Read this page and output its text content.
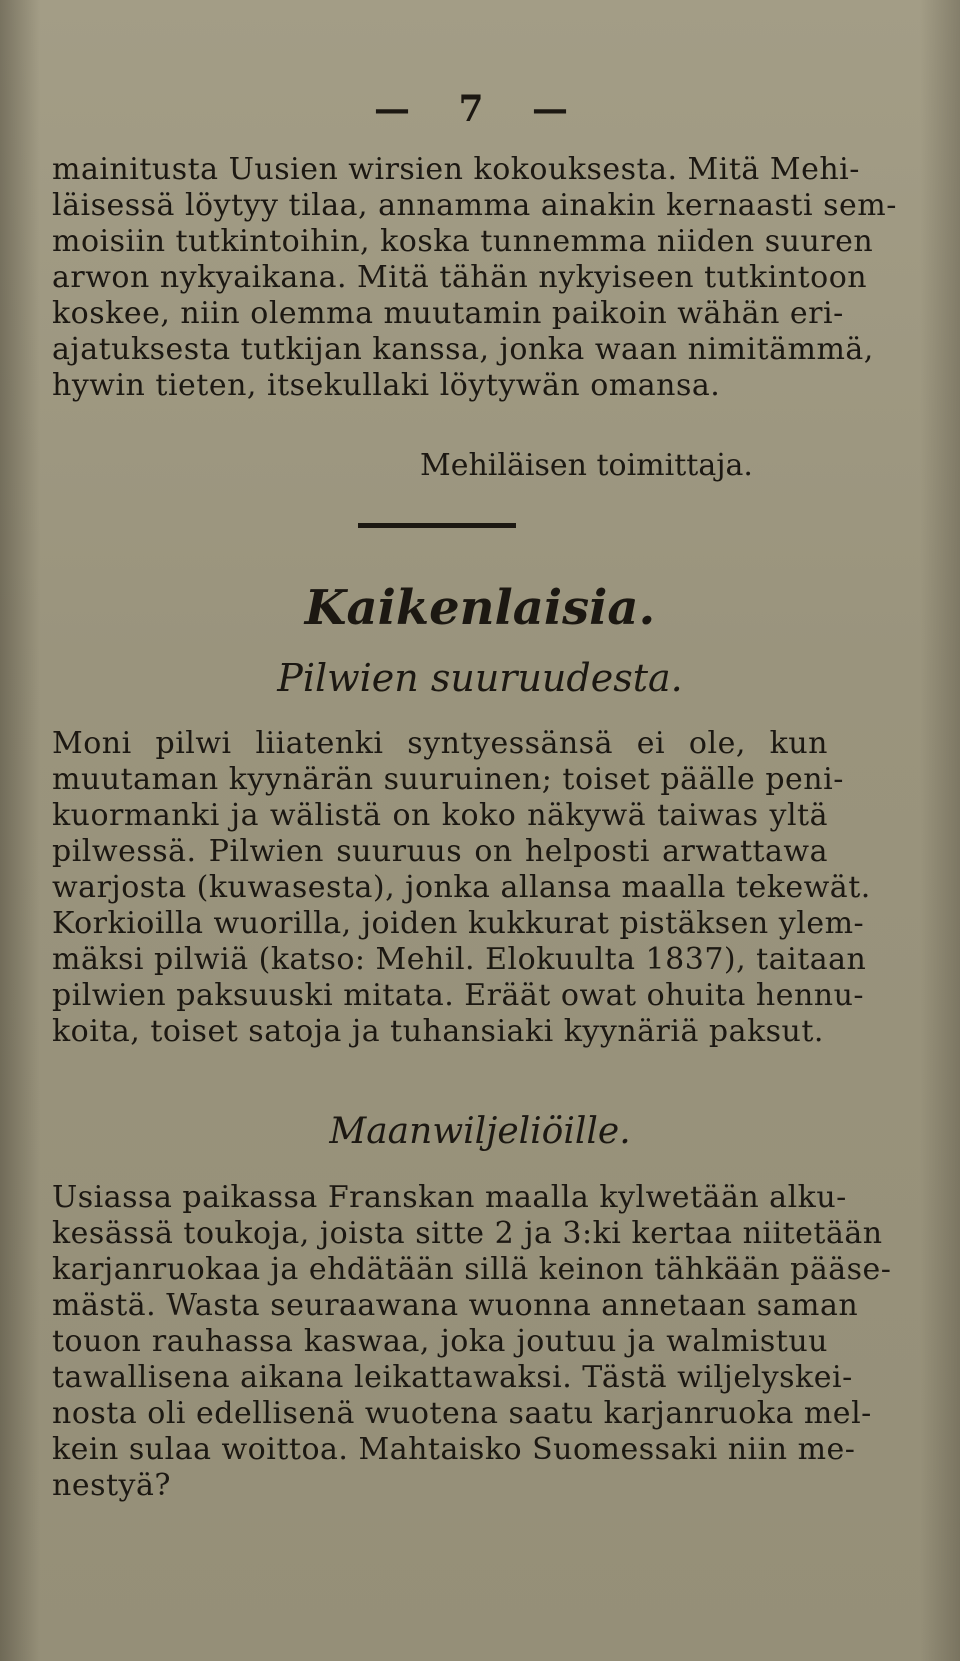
— 7 —
mainitusta Uusien wirsien kokouksesta. Mitä Mehi-
läisessä löytyy tilaa, annamma ainakin kernaasti sem-
moisiin tutkintoihin, koska tunnemma niiden suuren
arwon nykyaikana. Mitä tähän nykyiseen tutkintoon
koskee, niin olemma muutamin paikoin wähän eri-
ajatuksesta tutkijan kanssa, jonka waan nimitämmä,
hywin tieten, itsekullaki löytywän omansa.
Mehiläisen toimittaja.
Kaikenlaisia.
Pilwien suuruudesta.
Moni pilwi liiatenki syntyessänsä ei ole, kun
muutaman kyynärän suuruinen; toiset päälle peni-
kuormanki ja wälistä on koko näkywä taiwas yltä
pilwessä. Pilwien suuruus on helposti arwattawa
warjosta (kuwasesta), jonka allansa maalla tekewät.
Korkioilla wuorilla, joiden kukkurat pistäksen ylem-
mäksi pilwiä (katso: Mehil. Elokuulta 1837), taitaan
pilwien paksuuski mitata. Eräät owat ohuita hennu-
koita, toiset satoja ja tuhansiaki kyynäriä paksut.
Maanwiljeliöille.
Usiassa paikassa Franskan maalla kylwetään alku-
kesässä toukoja, joista sitte 2 ja 3:ki kertaa niitetään
karjanruokaa ja ehdätään sillä keinon tähkään pääse-
mästä. Wasta seuraawana wuonna annetaan saman
touon rauhassa kaswaa, joka joutuu ja walmistuu
tawallisena aikana leikattawaksi. Tästä wiljelyskei-
nosta oli edellisenä wuotena saatu karjanruoka mel-
kein sulaa woittoa. Mahtaisko Suomessaki niin me-
nestyä?
